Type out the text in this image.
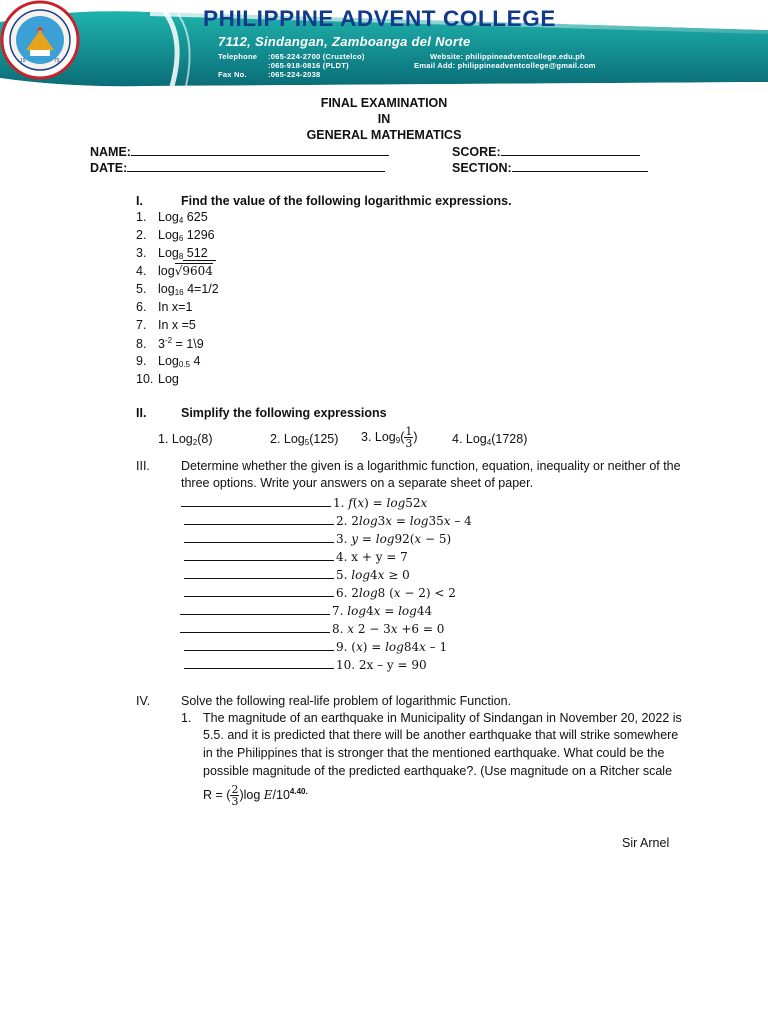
19	75
PHILIPPINE ADVENT COLLEGE
7112, Sindangan, Zamboanga del Norte
Telephone :065-224-2700 (Cruztelco)
:065-918-0816 (PLDT)
Fax No.	:065-224-2038
Website: philippineadventcollege.edu.ph
Email Add: philippineadventcollege@gmail.com
FINAL EXAMINATION
IN
GENERAL MATHEMATICS
NAME:
DATE:
SCORE:
SECTION:
I.	Find the value of the following logarithmic expressions.
1. Log$_4$ 625
2. Log$_6$ 1296
3. Log$_8$ 512
4. log√9604
5. $\log_{16} 4=1/2$
6. In x=1
7. In x =5
8. $3^{-2}$ = 1\9
9. Log$_{0.5}$ 4
10. Log
II.	Simplify the following expressions
1. Log$_2$(8)	2. Log$_5$(125) 3. $Log_9( \frac{1}{3}$ )	4. Log$_4$(1728)
III. Determine whether the given is a logarithmic function, equation, inequality or neither of the
three options. Write your answers on a separate sheet of paper.
1. 𝑓(𝑥) = 𝑙𝑜𝑔52𝑥
2. 2𝑙𝑜𝑔3𝑥 = 𝑙𝑜𝑔35𝑥 – 4
3. 𝑦 = 𝑙𝑜𝑔92(𝑥 − 5)
4. x + y = 7
5. 𝑙𝑜𝑔4𝑥 ≥ 0
6. 2𝑙𝑜𝑔8 (𝑥 − 2) < 2
7. 𝑙𝑜𝑔4𝑥 = 𝑙𝑜𝑔44
8. 𝑥 2 − 3𝑥 +6 = 0
9. (𝑥) = 𝑙𝑜𝑔84𝑥 – 1
10. 2x – y = 90
IV. Solve the following real-life problem of logarithmic Function.
1. The magnitude of an earthquake in Municipality of Sindangan in November 20, 2022 is
5.5. and it is predicted that there will be another earthquake that will strike somewhere
in the Philippines that is stronger that the mentioned earthquake. What could be the
possible magnitude of the predicted earthquake?. (Use magnitude on a Ritcher scale
R = ( $\frac{2}{3} )\log$ $E/10^{4.40.}$
Sir Arnel
